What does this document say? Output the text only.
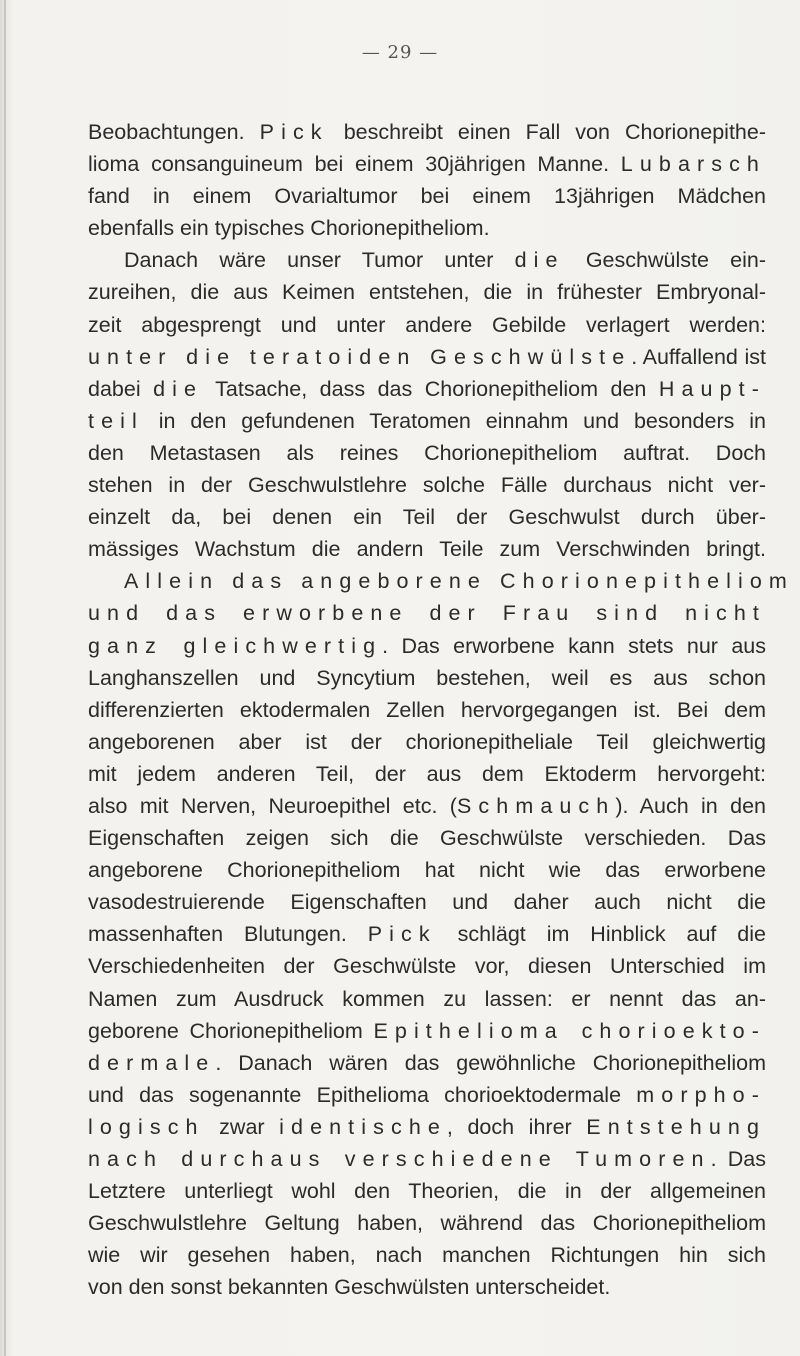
— 29 —
Beobachtungen. Pick beschreibt einen Fall von Chorionepithe-
lioma consanguineum bei einem 30jährigen Manne. Lubarsch
fand in einem Ovarialtumor bei einem 13jährigen Mädchen
ebenfalls ein typisches Chorionepitheliom.
Danach wäre unser Tumor unter die Geschwülste ein-
zureihen, die aus Keimen entstehen, die in frühester Embryonal-
zeit abgesprengt und unter andere Gebilde verlagert werden:
unter die teratoiden Geschwülste. Auffallend ist
dabei die Tatsache, dass das Chorionepitheliom den Haupt-
teil in den gefundenen Teratomen einnahm und besonders in
den Metastasen als reines Chorionepitheliom auftrat. Doch
stehen in der Geschwulstlehre solche Fälle durchaus nicht ver-
einzelt da, bei denen ein Teil der Geschwulst durch über-
mässiges Wachstum die andern Teile zum Verschwinden bringt.
Allein das angeborene Chorionepitheliom
und das erworbene der Frau sind nicht
ganz gleichwertig. Das erworbene kann stets nur aus
Langhanszellen und Syncytium bestehen, weil es aus schon
differenzierten ektodermalen Zellen hervorgegangen ist. Bei dem
angeborenen aber ist der chorionepitheliale Teil gleichwertig
mit jedem anderen Teil, der aus dem Ektoderm hervorgeht:
also mit Nerven, Neuroepithel etc. (Schmauch). Auch in den
Eigenschaften zeigen sich die Geschwülste verschieden. Das
angeborene Chorionepitheliom hat nicht wie das erworbene
vasodestruierende Eigenschaften und daher auch nicht die
massenhaften Blutungen. Pick schlägt im Hinblick auf die
Verschiedenheiten der Geschwülste vor, diesen Unterschied im
Namen zum Ausdruck kommen zu lassen: er nennt das an-
geborene Chorionepitheliom Epithelioma chorioekto-
dermale. Danach wären das gewöhnliche Chorionepitheliom
und das sogenannte Epithelioma chorioektodermale morpho-
logisch zwar identische, doch ihrer Entstehung
nach durchaus verschiedene Tumoren. Das
Letztere unterliegt wohl den Theorien, die in der allgemeinen
Geschwulstlehre Geltung haben, während das Chorionepitheliom
wie wir gesehen haben, nach manchen Richtungen hin sich
von den sonst bekannten Geschwülsten unterscheidet.
